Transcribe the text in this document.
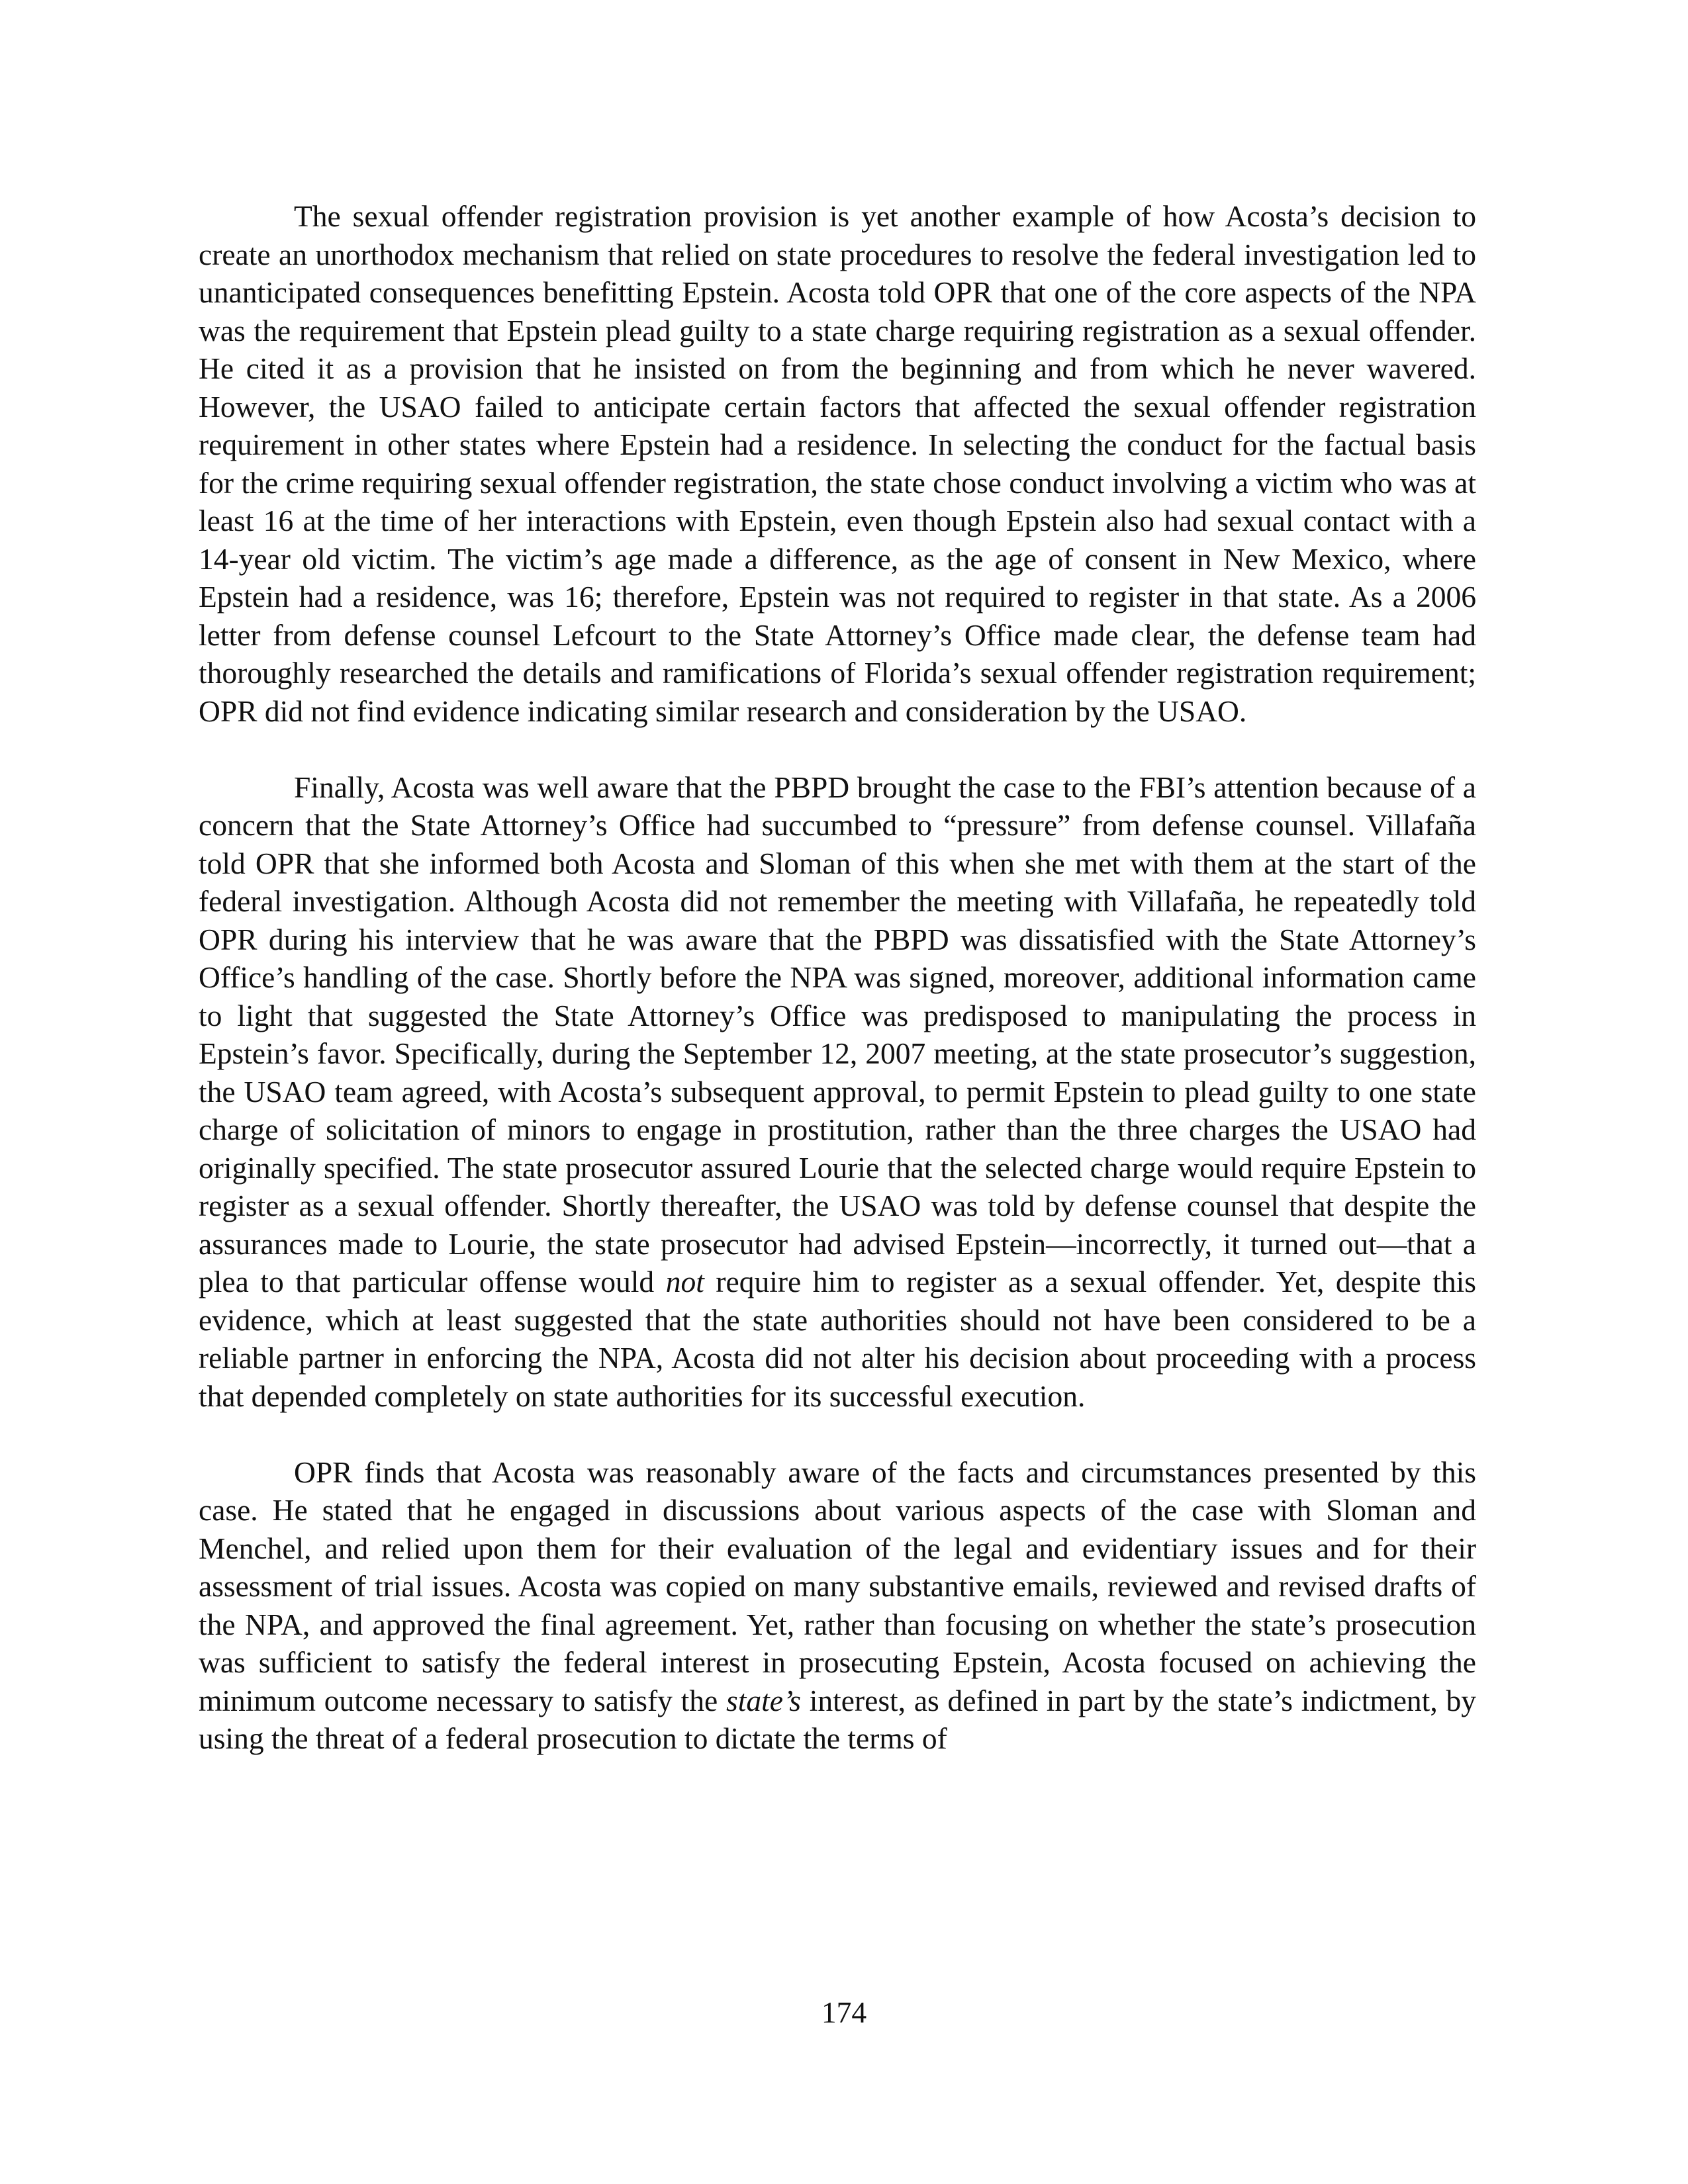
The sexual offender registration provision is yet another example of how Acosta’s decision to create an unorthodox mechanism that relied on state procedures to resolve the federal investigation led to unanticipated consequences benefitting Epstein. Acosta told OPR that one of the core aspects of the NPA was the requirement that Epstein plead guilty to a state charge requiring registration as a sexual offender. He cited it as a provision that he insisted on from the beginning and from which he never wavered. However, the USAO failed to anticipate certain factors that affected the sexual offender registration requirement in other states where Epstein had a residence. In selecting the conduct for the factual basis for the crime requiring sexual offender registration, the state chose conduct involving a victim who was at least 16 at the time of her interactions with Epstein, even though Epstein also had sexual contact with a 14-year old victim. The victim’s age made a difference, as the age of consent in New Mexico, where Epstein had a residence, was 16; therefore, Epstein was not required to register in that state. As a 2006 letter from defense counsel Lefcourt to the State Attorney’s Office made clear, the defense team had thoroughly researched the details and ramifications of Florida’s sexual offender registration requirement; OPR did not find evidence indicating similar research and consideration by the USAO.

Finally, Acosta was well aware that the PBPD brought the case to the FBI’s attention because of a concern that the State Attorney’s Office had succumbed to “pressure” from defense counsel. Villafaña told OPR that she informed both Acosta and Sloman of this when she met with them at the start of the federal investigation. Although Acosta did not remember the meeting with Villafaña, he repeatedly told OPR during his interview that he was aware that the PBPD was dissatisfied with the State Attorney’s Office’s handling of the case. Shortly before the NPA was signed, moreover, additional information came to light that suggested the State Attorney’s Office was predisposed to manipulating the process in Epstein’s favor. Specifically, during the September 12, 2007 meeting, at the state prosecutor’s suggestion, the USAO team agreed, with Acosta’s subsequent approval, to permit Epstein to plead guilty to one state charge of solicitation of minors to engage in prostitution, rather than the three charges the USAO had originally specified. The state prosecutor assured Lourie that the selected charge would require Epstein to register as a sexual offender. Shortly thereafter, the USAO was told by defense counsel that despite the assurances made to Lourie, the state prosecutor had advised Epstein—incorrectly, it turned out—that a plea to that particular offense would not require him to register as a sexual offender. Yet, despite this evidence, which at least suggested that the state authorities should not have been considered to be a reliable partner in enforcing the NPA, Acosta did not alter his decision about proceeding with a process that depended completely on state authorities for its successful execution.

OPR finds that Acosta was reasonably aware of the facts and circumstances presented by this case. He stated that he engaged in discussions about various aspects of the case with Sloman and Menchel, and relied upon them for their evaluation of the legal and evidentiary issues and for their assessment of trial issues. Acosta was copied on many substantive emails, reviewed and revised drafts of the NPA, and approved the final agreement. Yet, rather than focusing on whether the state’s prosecution was sufficient to satisfy the federal interest in prosecuting Epstein, Acosta focused on achieving the minimum outcome necessary to satisfy the state’s interest, as defined in part by the state’s indictment, by using the threat of a federal prosecution to dictate the terms of

174
